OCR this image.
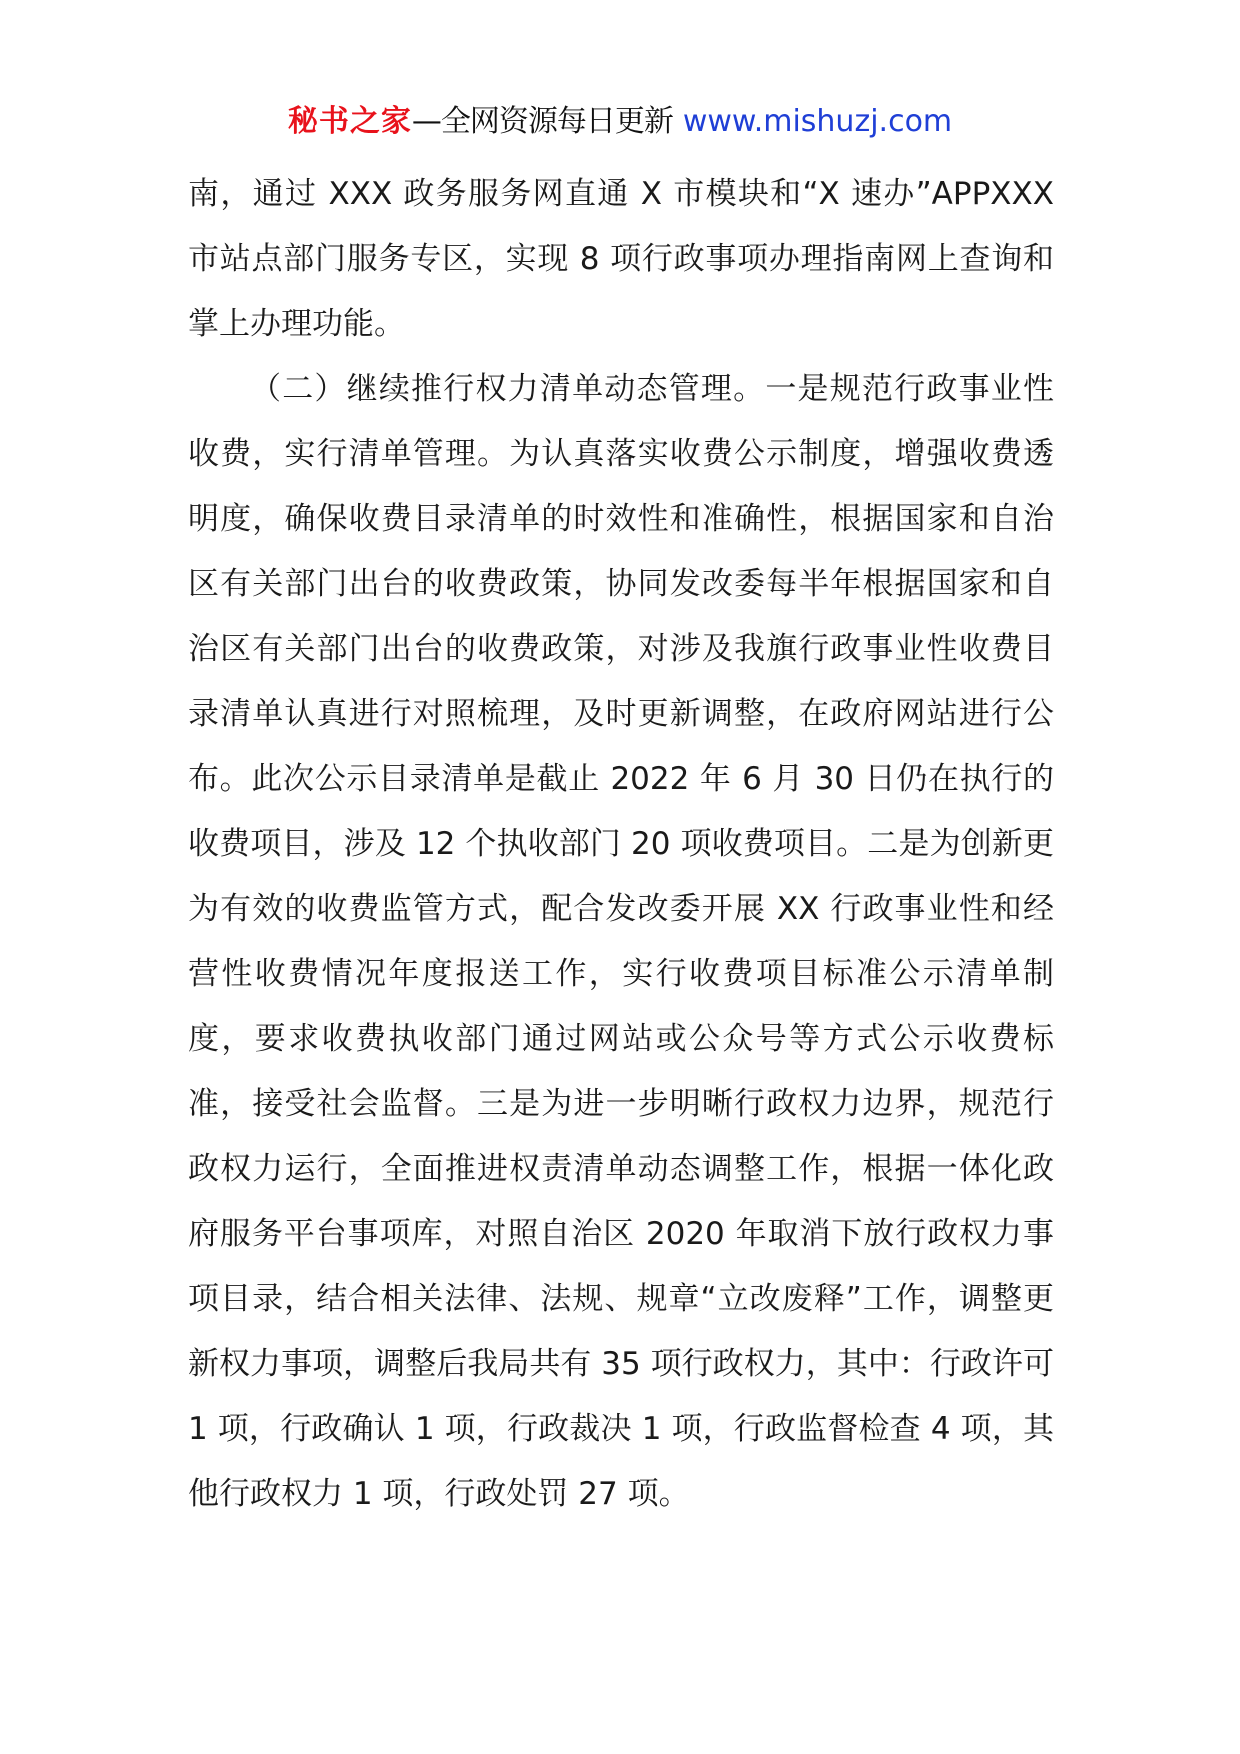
秘书之家—全网资源每日更新 www.mishuzj.com

南，通过 XXX 政务服务网直通 X 市模块和“X 速办”APPXXX 市站点部门服务专区，实现 8 项行政事项办理指南网上查询和掌上办理功能。

（二）继续推行权力清单动态管理。一是规范行政事业性收费，实行清单管理。为认真落实收费公示制度，增强收费透明度，确保收费目录清单的时效性和准确性，根据国家和自治区有关部门出台的收费政策，协同发改委每半年根据国家和自治区有关部门出台的收费政策，对涉及我旗行政事业性收费目录清单认真进行对照梳理，及时更新调整，在政府网站进行公布。此次公示目录清单是截止 2022 年 6 月 30 日仍在执行的收费项目，涉及 12 个执收部门 20 项收费项目。二是为创新更为有效的收费监管方式，配合发改委开展 XX 行政事业性和经营性收费情况年度报送工作，实行收费项目标准公示清单制度，要求收费执收部门通过网站或公众号等方式公示收费标准，接受社会监督。三是为进一步明晰行政权力边界，规范行政权力运行，全面推进权责清单动态调整工作，根据一体化政府服务平台事项库，对照自治区 2020 年取消下放行政权力事项目录，结合相关法律、法规、规章“立改废释”工作，调整更新权力事项，调整后我局共有 35 项行政权力，其中：行政许可 1 项，行政确认 1 项，行政裁决 1 项，行政监督检查 4 项，其他行政权力 1 项，行政处罚 27 项。
